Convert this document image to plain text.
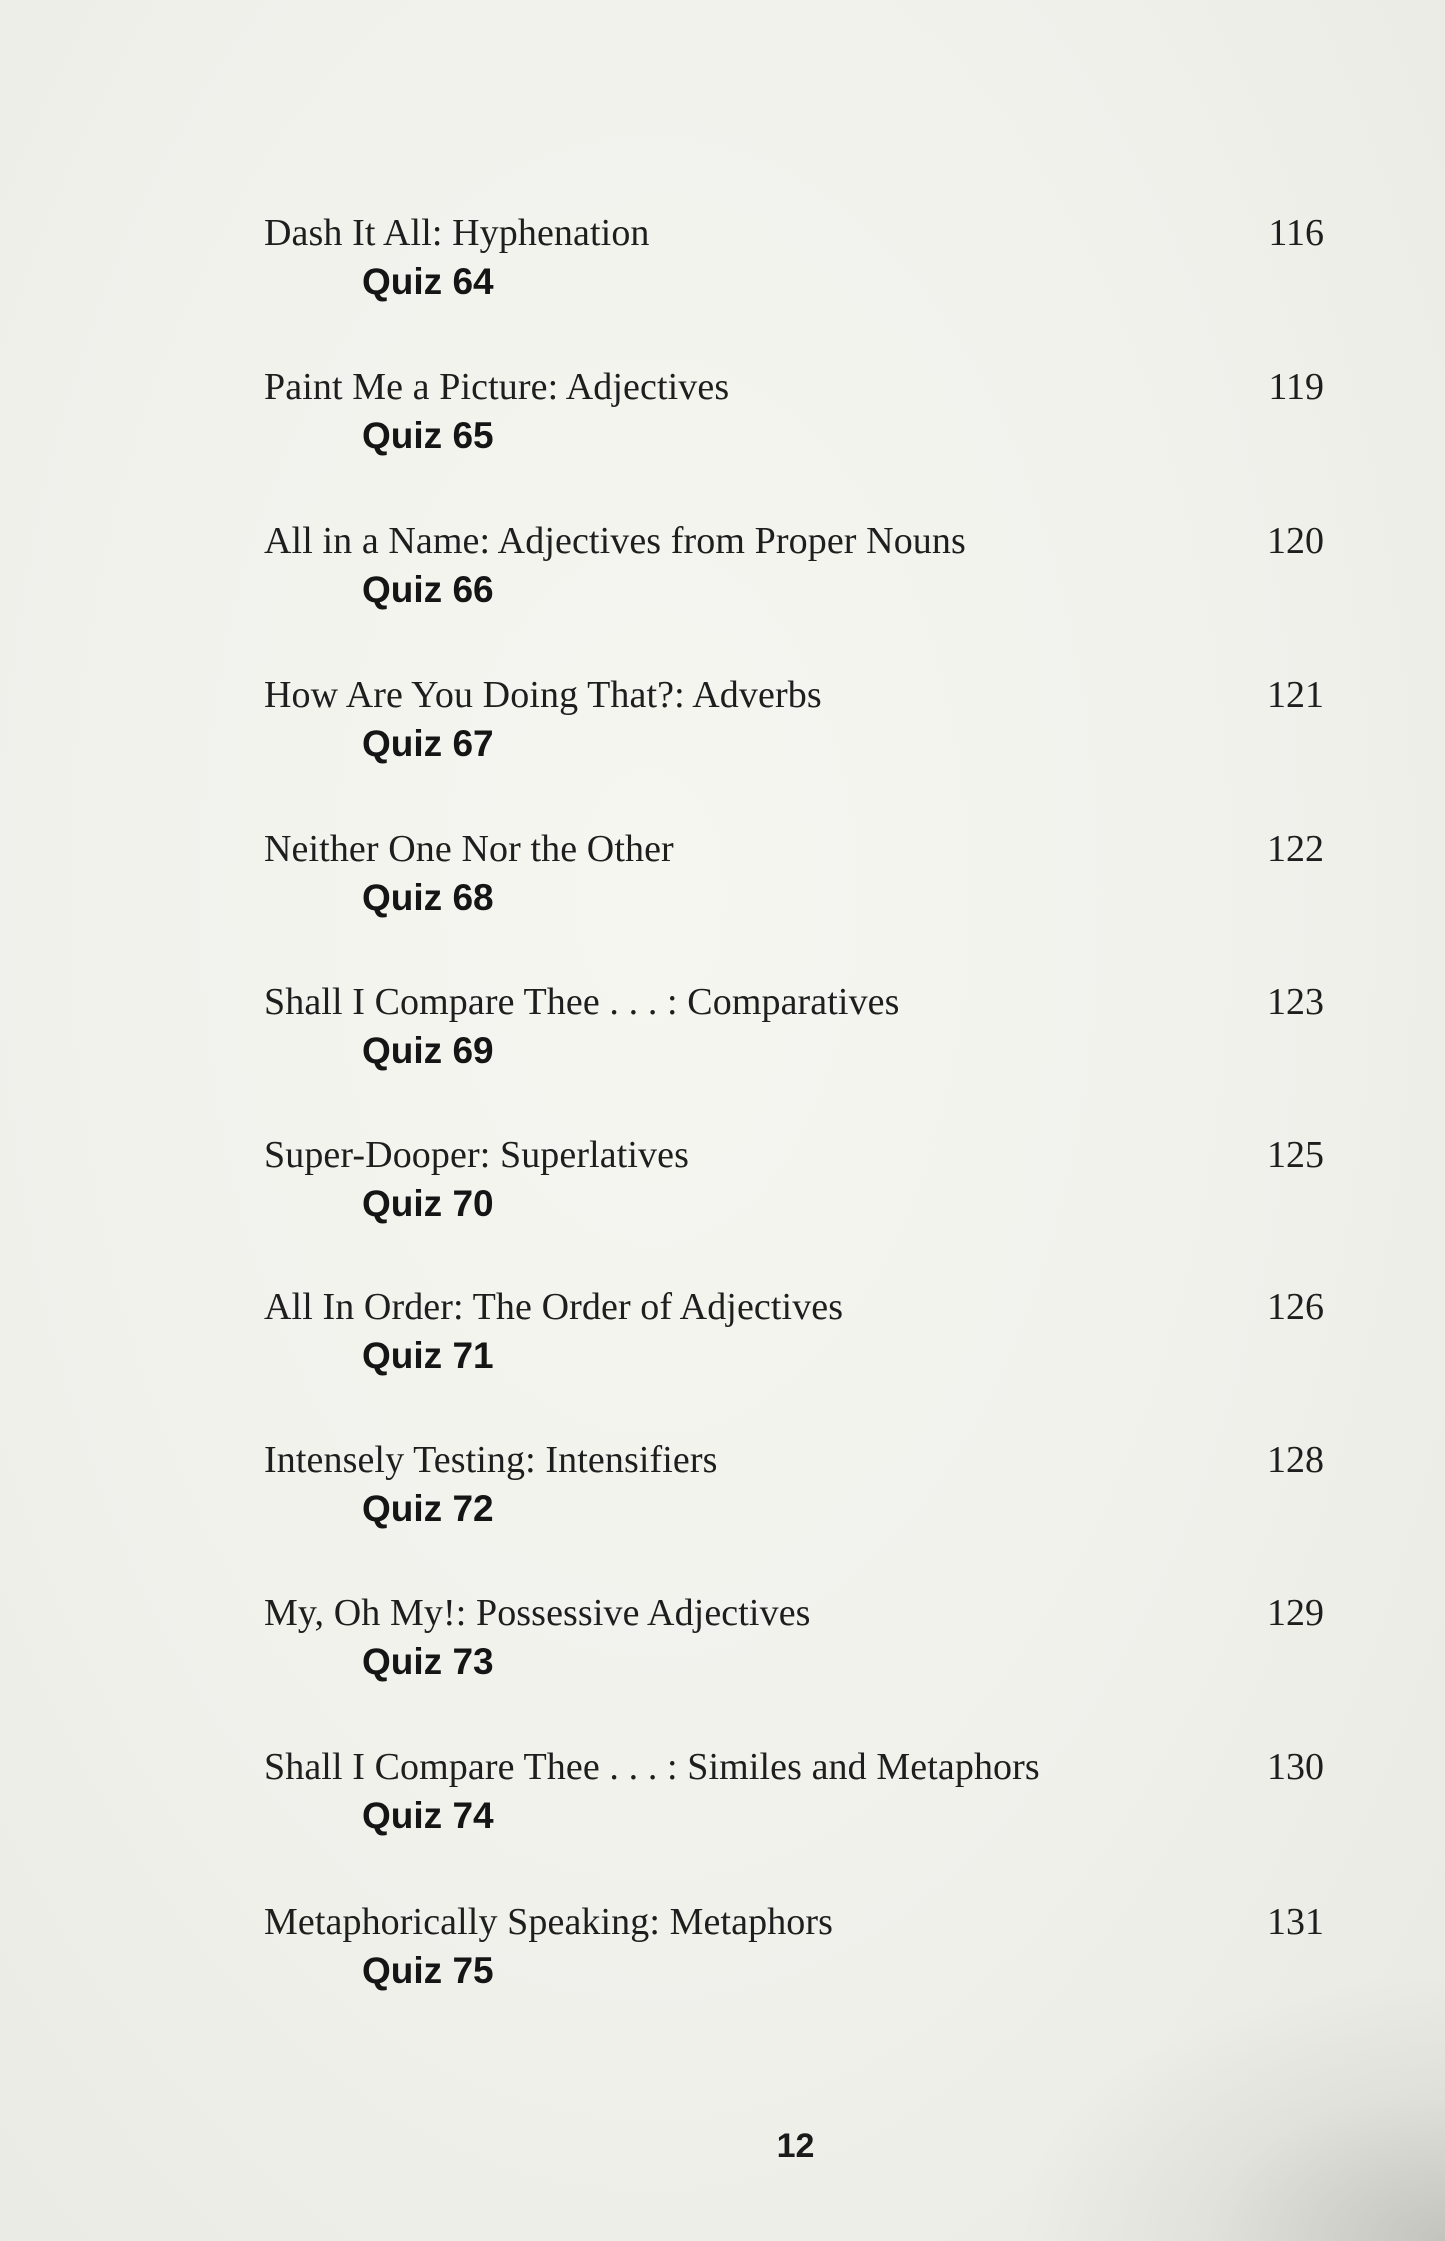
Dash It All: Hyphenation	116
Quiz 64
Paint Me a Picture: Adjectives	119
Quiz 65
All in a Name: Adjectives from Proper Nouns	120
Quiz 66
How Are You Doing That?: Adverbs	121
Quiz 67
Neither One Nor the Other	122
Quiz 68
Shall I Compare Thee . . . : Comparatives	123
Quiz 69
Super-Dooper: Superlatives	125
Quiz 70
All In Order: The Order of Adjectives	126
Quiz 71
Intensely Testing: Intensifiers	128
Quiz 72
My, Oh My!: Possessive Adjectives	129
Quiz 73
Shall I Compare Thee . . . : Similes and Metaphors	130
Quiz 74
Metaphorically Speaking: Metaphors	131
Quiz 75
12
